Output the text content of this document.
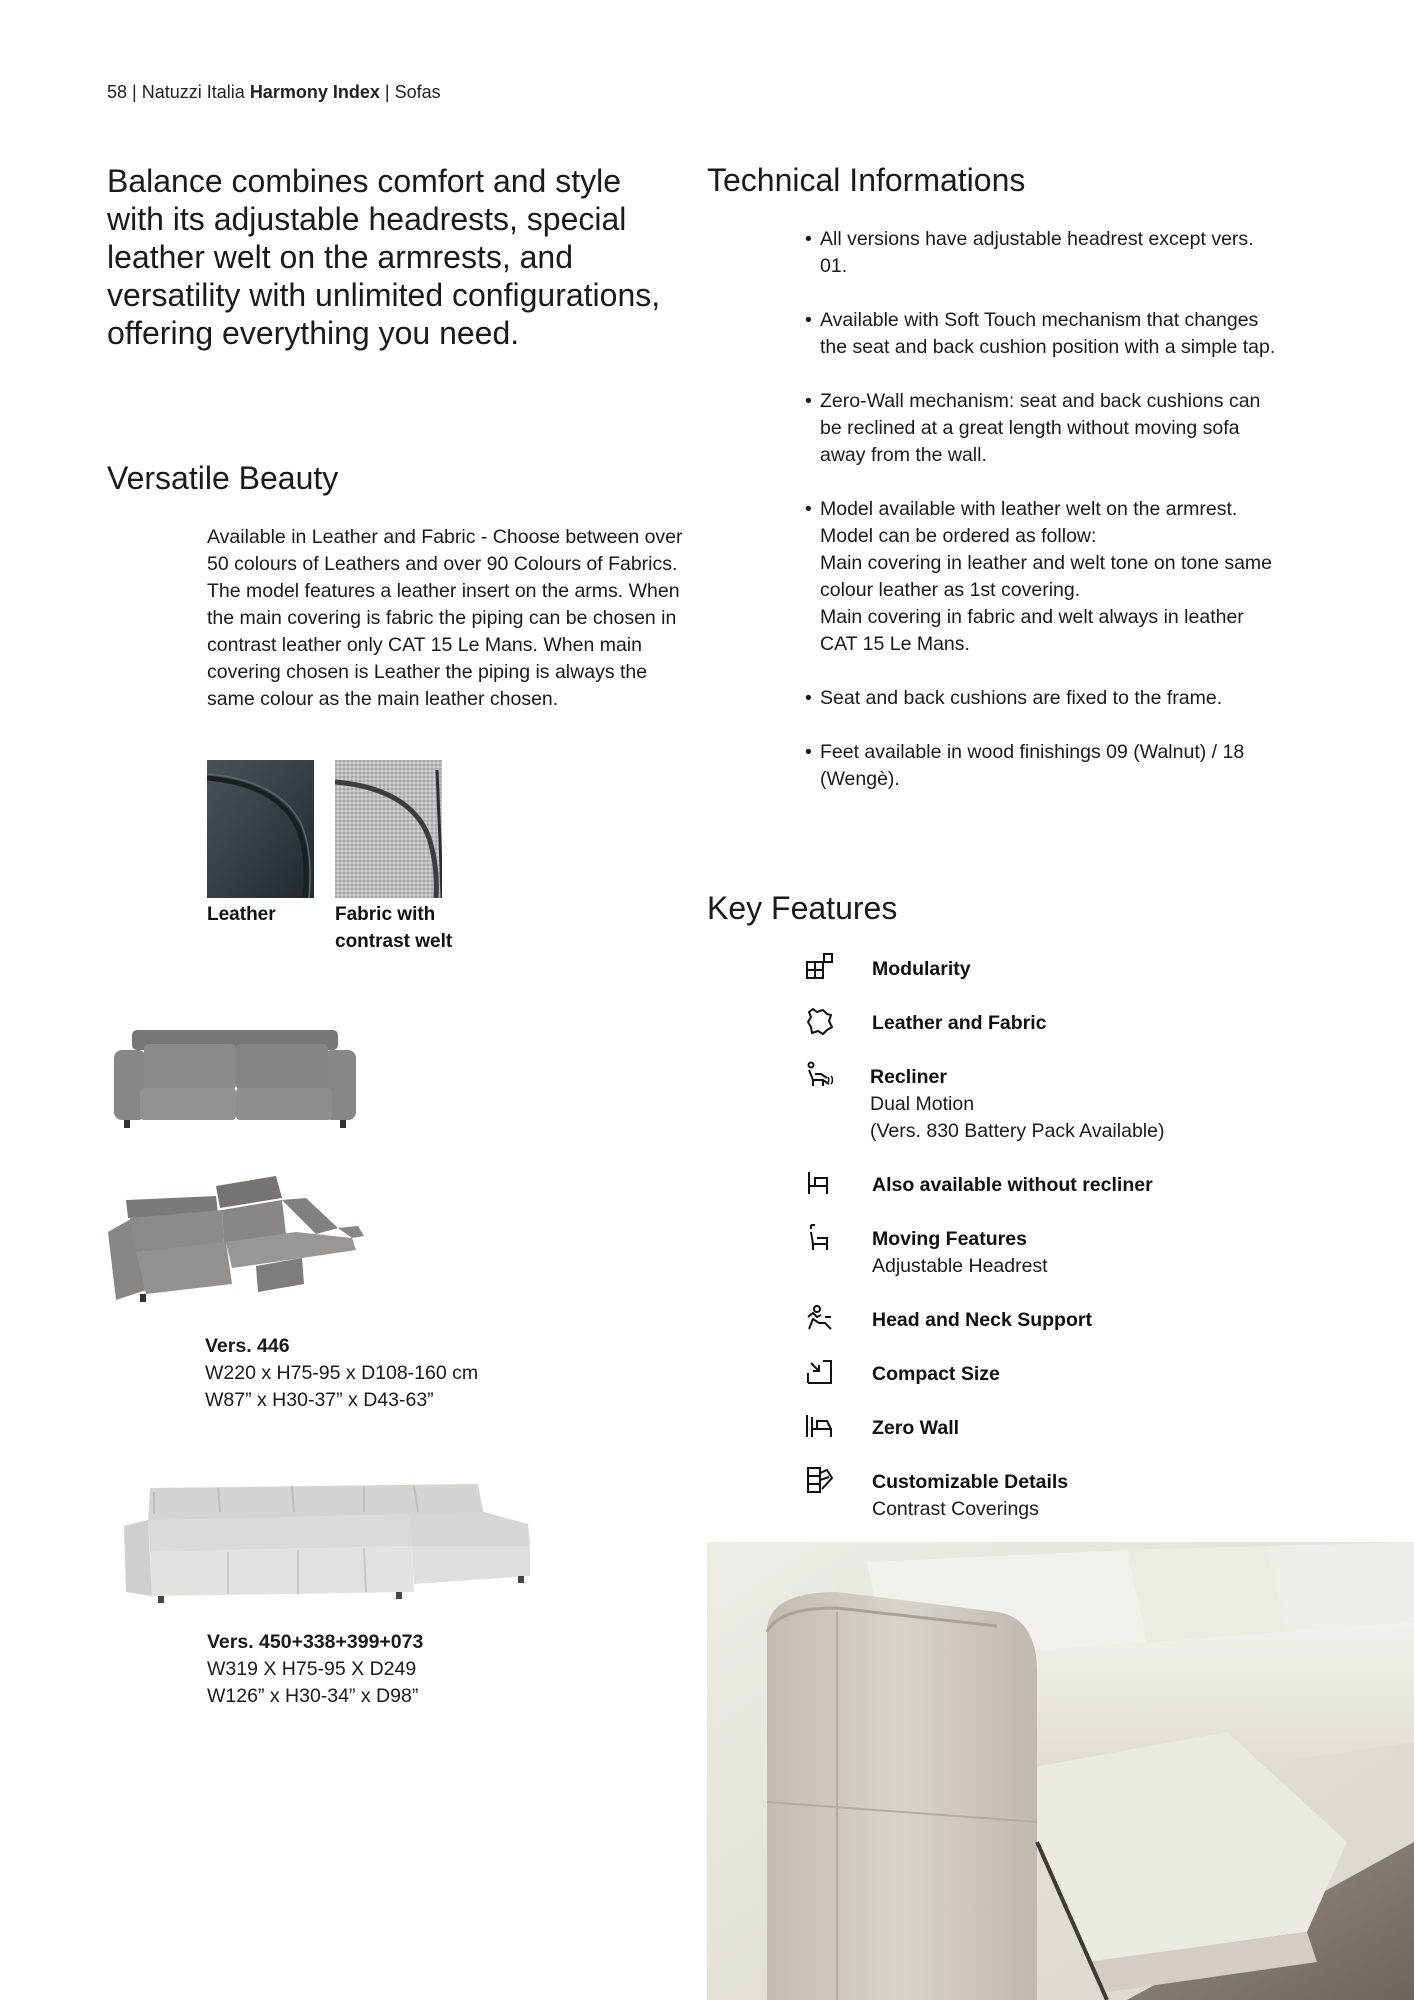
58 | Natuzzi Italia Harmony Index | Sofas
Balance combines comfort and style with its adjustable headrests, special leather welt on the armrests, and versatility with unlimited configurations, offering everything you need.
Versatile Beauty
Available in Leather and Fabric - Choose between over 50 colours of Leathers and over 90 Colours of Fabrics. The model features a leather insert on the arms. When the main covering is fabric the piping can be chosen in contrast leather only CAT 15 Le Mans. When main covering chosen is Leather the piping is always the same colour as the main leather chosen.
Leather	Fabric with contrast welt
Vers. 446
W220 x H75-95 x D108-160 cm
W87” x H30-37” x D43-63”
Vers. 450+338+399+073
W319 X H75-95 X D249
W126” x H30-34” x D98”
Technical Informations
• All versions have adjustable headrest except vers. 01.
• Available with Soft Touch mechanism that changes the seat and back cushion position with a simple tap.
• Zero-Wall mechanism: seat and back cushions can be reclined at a great length without moving sofa away from the wall.
• Model available with leather welt on the armrest. Model can be ordered as follow:
Main covering in leather and welt tone on tone same colour leather as 1st covering.
Main covering in fabric and welt always in leather CAT 15 Le Mans.
• Seat and back cushions are fixed to the frame.
• Feet available in wood finishings 09 (Walnut) / 18 (Wengè).
Key Features
Modularity
Leather and Fabric
Recliner
Dual Motion
(Vers. 830 Battery Pack Available)
Also available without recliner
Moving Features
Adjustable Headrest
Head and Neck Support
Compact Size
Zero Wall
Customizable Details
Contrast Coverings
